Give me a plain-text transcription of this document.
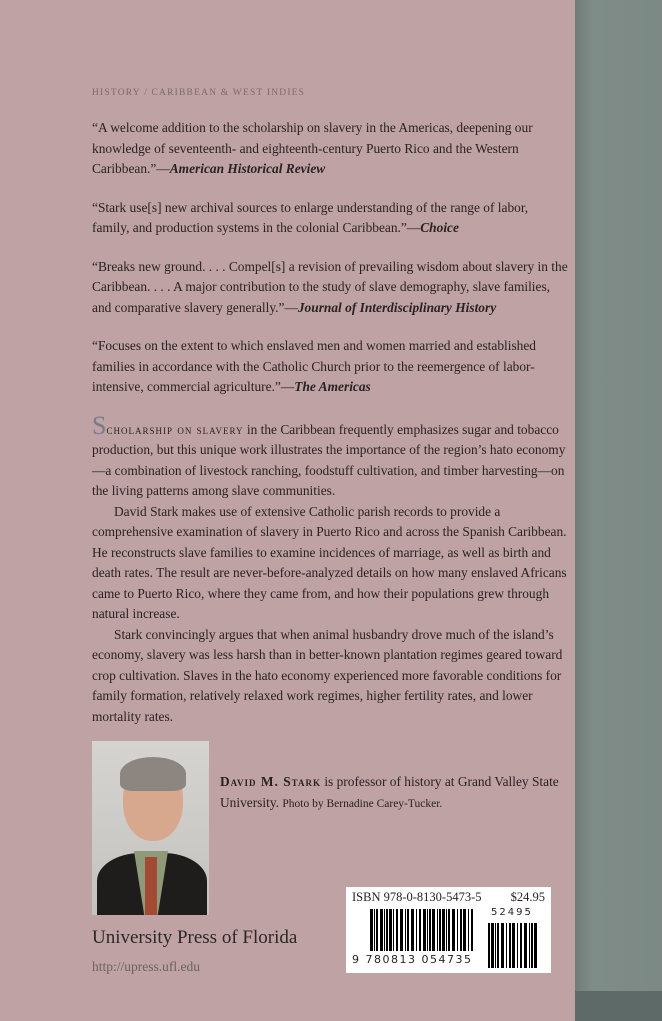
HISTORY / CARIBBEAN & WEST INDIES
“A welcome addition to the scholarship on slavery in the Americas, deepening our knowledge of seventeenth- and eighteenth-century Puerto Rico and the Western Caribbean.”—American Historical Review
“Stark use[s] new archival sources to enlarge understanding of the range of labor, family, and production systems in the colonial Caribbean.”—Choice
“Breaks new ground. . . . Compel[s] a revision of prevailing wisdom about slavery in the Caribbean. . . . A major contribution to the study of slave demography, slave families, and comparative slavery generally.”—Journal of Interdisciplinary History
“Focuses on the extent to which enslaved men and women married and established families in accordance with the Catholic Church prior to the reemergence of labor-intensive, commercial agriculture.”—The Americas

Scholarship on slavery in the Caribbean frequently emphasizes sugar and tobacco production, but this unique work illustrates the importance of the region’s hato economy—a combination of livestock ranching, foodstuff cultivation, and timber harvesting—on the living patterns among slave communities.

David Stark makes use of extensive Catholic parish records to provide a comprehensive examination of slavery in Puerto Rico and across the Spanish Caribbean. He reconstructs slave families to examine incidences of marriage, as well as birth and death rates. The result are never-before-analyzed details on how many enslaved Africans came to Puerto Rico, where they came from, and how their populations grew through natural increase.

Stark convincingly argues that when animal husbandry drove much of the island’s economy, slavery was less harsh than in better-known plantation regimes geared toward crop cultivation. Slaves in the hato economy experienced more favorable conditions for family formation, relatively relaxed work regimes, higher fertility rates, and lower mortality rates.

David M. Stark is professor of history at Grand Valley State University. Photo by Bernadine Carey-Tucker.
University Press of Florida
http://upress.ufl.edu
ISBN 978-0-8130-5473-5 $24.95
52495
9 780813 054735
